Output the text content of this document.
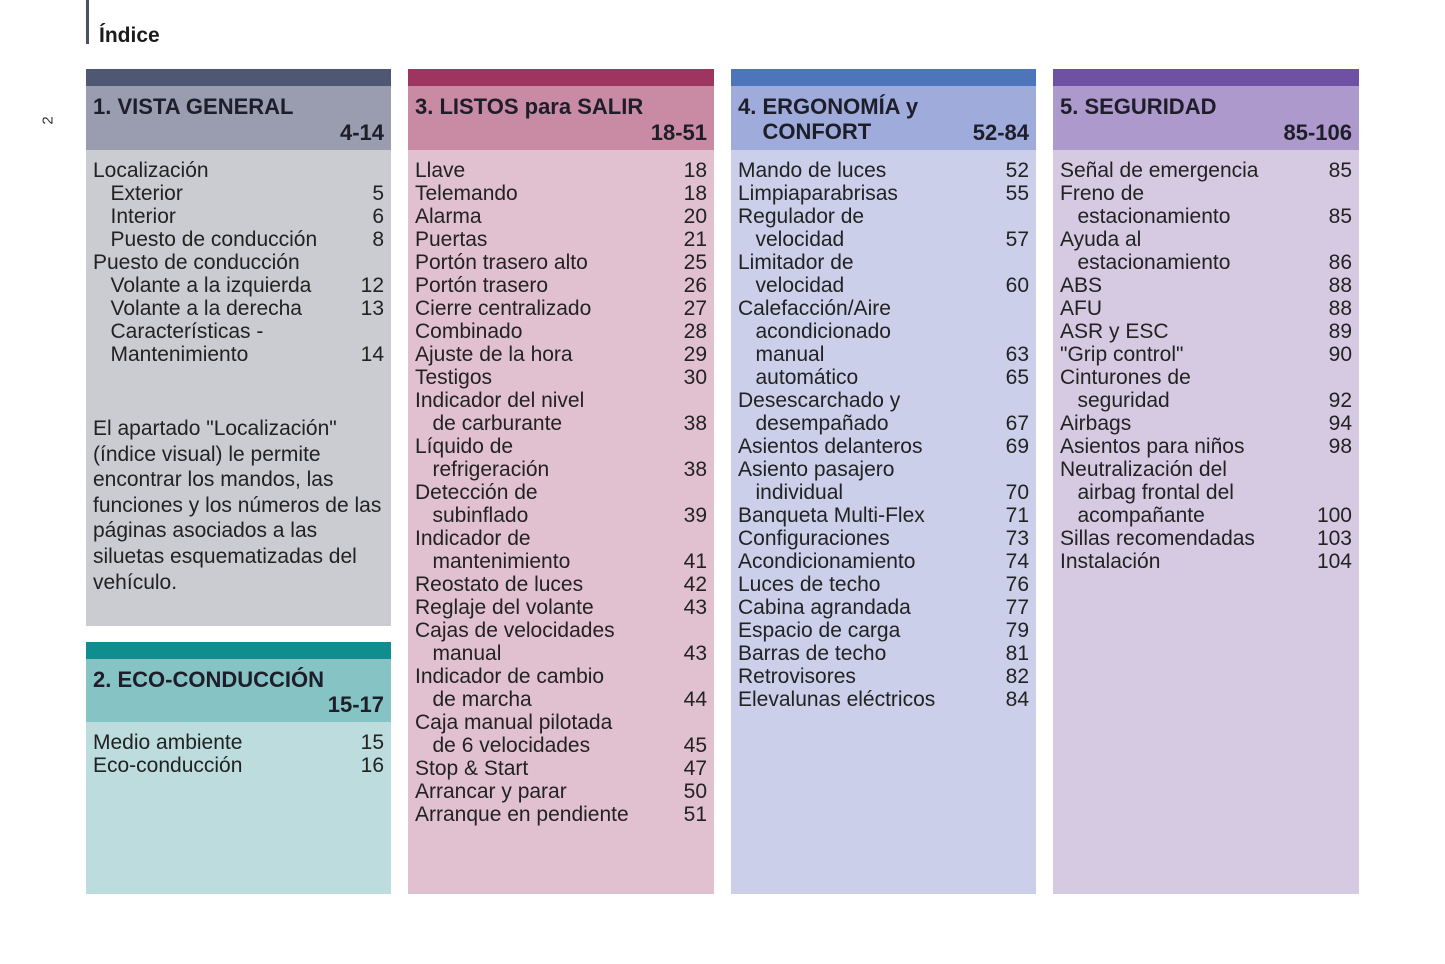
Índice
2
1. VISTA GENERAL
4-14
Localización
Exterior	5
Interior	6
Puesto de conducción	8
Puesto de conducción
Volante a la izquierda	12
Volante a la derecha	13
Características -
Mantenimiento	14
El apartado "Localización" (índice visual) le permite encontrar los mandos, las funciones y los números de las páginas asociados a las siluetas esquematizadas del vehículo.
2. ECO-CONDUCCIÓN
15-17
Medio ambiente	15
Eco-conducción	16
3. LISTOS para SALIR
18-51
Llave	18
Telemando	18
Alarma	20
Puertas	21
Portón trasero alto	25
Portón trasero	26
Cierre centralizado	27
Combinado	28
Ajuste de la hora	29
Testigos	30
Indicador del nivel
de carburante	38
Líquido de
refrigeración	38
Detección de
subinflado	39
Indicador de
mantenimiento	41
Reostato de luces	42
Reglaje del volante	43
Cajas de velocidades
manual	43
Indicador de cambio
de marcha	44
Caja manual pilotada
de 6 velocidades	45
Stop & Start	47
Arrancar y parar	50
Arranque en pendiente	51
4. ERGONOMÍA y
CONFORT	52-84
Mando de luces	52
Limpiaparabrisas	55
Regulador de
velocidad	57
Limitador de
velocidad	60
Calefacción/Aire
acondicionado
manual	63
automático	65
Desescarchado y
desempañado	67
Asientos delanteros	69
Asiento pasajero
individual	70
Banqueta Multi-Flex	71
Configuraciones	73
Acondicionamiento	74
Luces de techo	76
Cabina agrandada	77
Espacio de carga	79
Barras de techo	81
Retrovisores	82
Elevalunas eléctricos	84
5. SEGURIDAD
85-106
Señal de emergencia	85
Freno de
estacionamiento	85
Ayuda al
estacionamiento	86
ABS	88
AFU	88
ASR y ESC	89
"Grip control"	90
Cinturones de
seguridad	92
Airbags	94
Asientos para niños	98
Neutralización del
airbag frontal del
acompañante	100
Sillas recomendadas	103
Instalación	104
